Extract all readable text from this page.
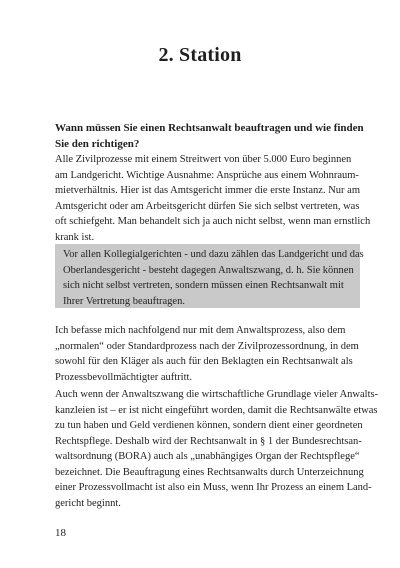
2. Station
Wann müssen Sie einen Rechtsanwalt beauftragen und wie finden
Sie den richtigen?
Alle Zivilprozesse mit einem Streitwert von über 5.000 Euro beginnen
am Landgericht. Wichtige Ausnahme: Ansprüche aus einem Wohnraum-
mietverhältnis. Hier ist das Amtsgericht immer die erste Instanz. Nur am
Amtsgericht oder am Arbeitsgericht dürfen Sie sich selbst vertreten, was
oft schiefgeht. Man behandelt sich ja auch nicht selbst, wenn man ernstlich
krank ist.
Vor allen Kollegialgerichten - und dazu zählen das Landgericht und das
Oberlandesgericht - besteht dagegen Anwaltszwang, d. h. Sie können
sich nicht selbst vertreten, sondern müssen einen Rechtsanwalt mit
Ihrer Vertretung beauftragen.
Ich befasse mich nachfolgend nur mit dem Anwaltsprozess, also dem
„normalen“ oder Standardprozess nach der Zivilprozessordnung, in dem
sowohl für den Kläger als auch für den Beklagten ein Rechtsanwalt als
Prozessbevollmächtigter auftritt.
Auch wenn der Anwaltszwang die wirtschaftliche Grundlage vieler Anwalts-
kanzleien ist – er ist nicht eingeführt worden, damit die Rechtsanwälte etwas
zu tun haben und Geld verdienen können, sondern dient einer geordneten
Rechtspflege. Deshalb wird der Rechtsanwalt in § 1 der Bundesrechtsan-
waltsordnung (BORA) auch als „unabhängiges Organ der Rechtspflege“
bezeichnet. Die Beauftragung eines Rechtsanwalts durch Unterzeichnung
einer Prozessvollmacht ist also ein Muss, wenn Ihr Prozess an einem Land-
gericht beginnt.
18
